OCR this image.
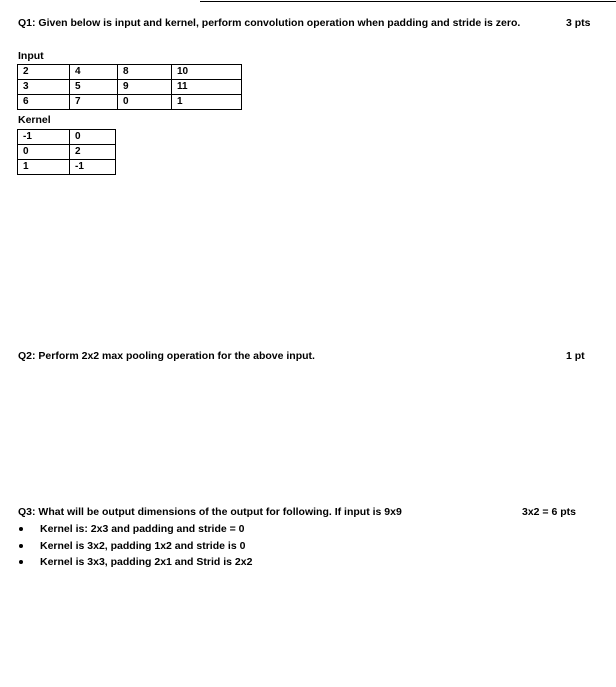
Q1: Given below is input and kernel, perform convolution operation when padding and stride is zero.	3 pts
Input
2	4	8	10
3	5	9	11
6	7	0	1
Kernel
-1	0
0	2
1	-1
Q2: Perform 2x2 max pooling operation for the above input.	1 pt
Q3: What will be output dimensions of the output for following. If input is 9x9	3x2 = 6 pts
Kernel is: 2x3 and padding and stride = 0
Kernel is 3x2, padding 1x2 and stride is 0
Kernel is 3x3, padding 2x1 and Strid is 2x2
